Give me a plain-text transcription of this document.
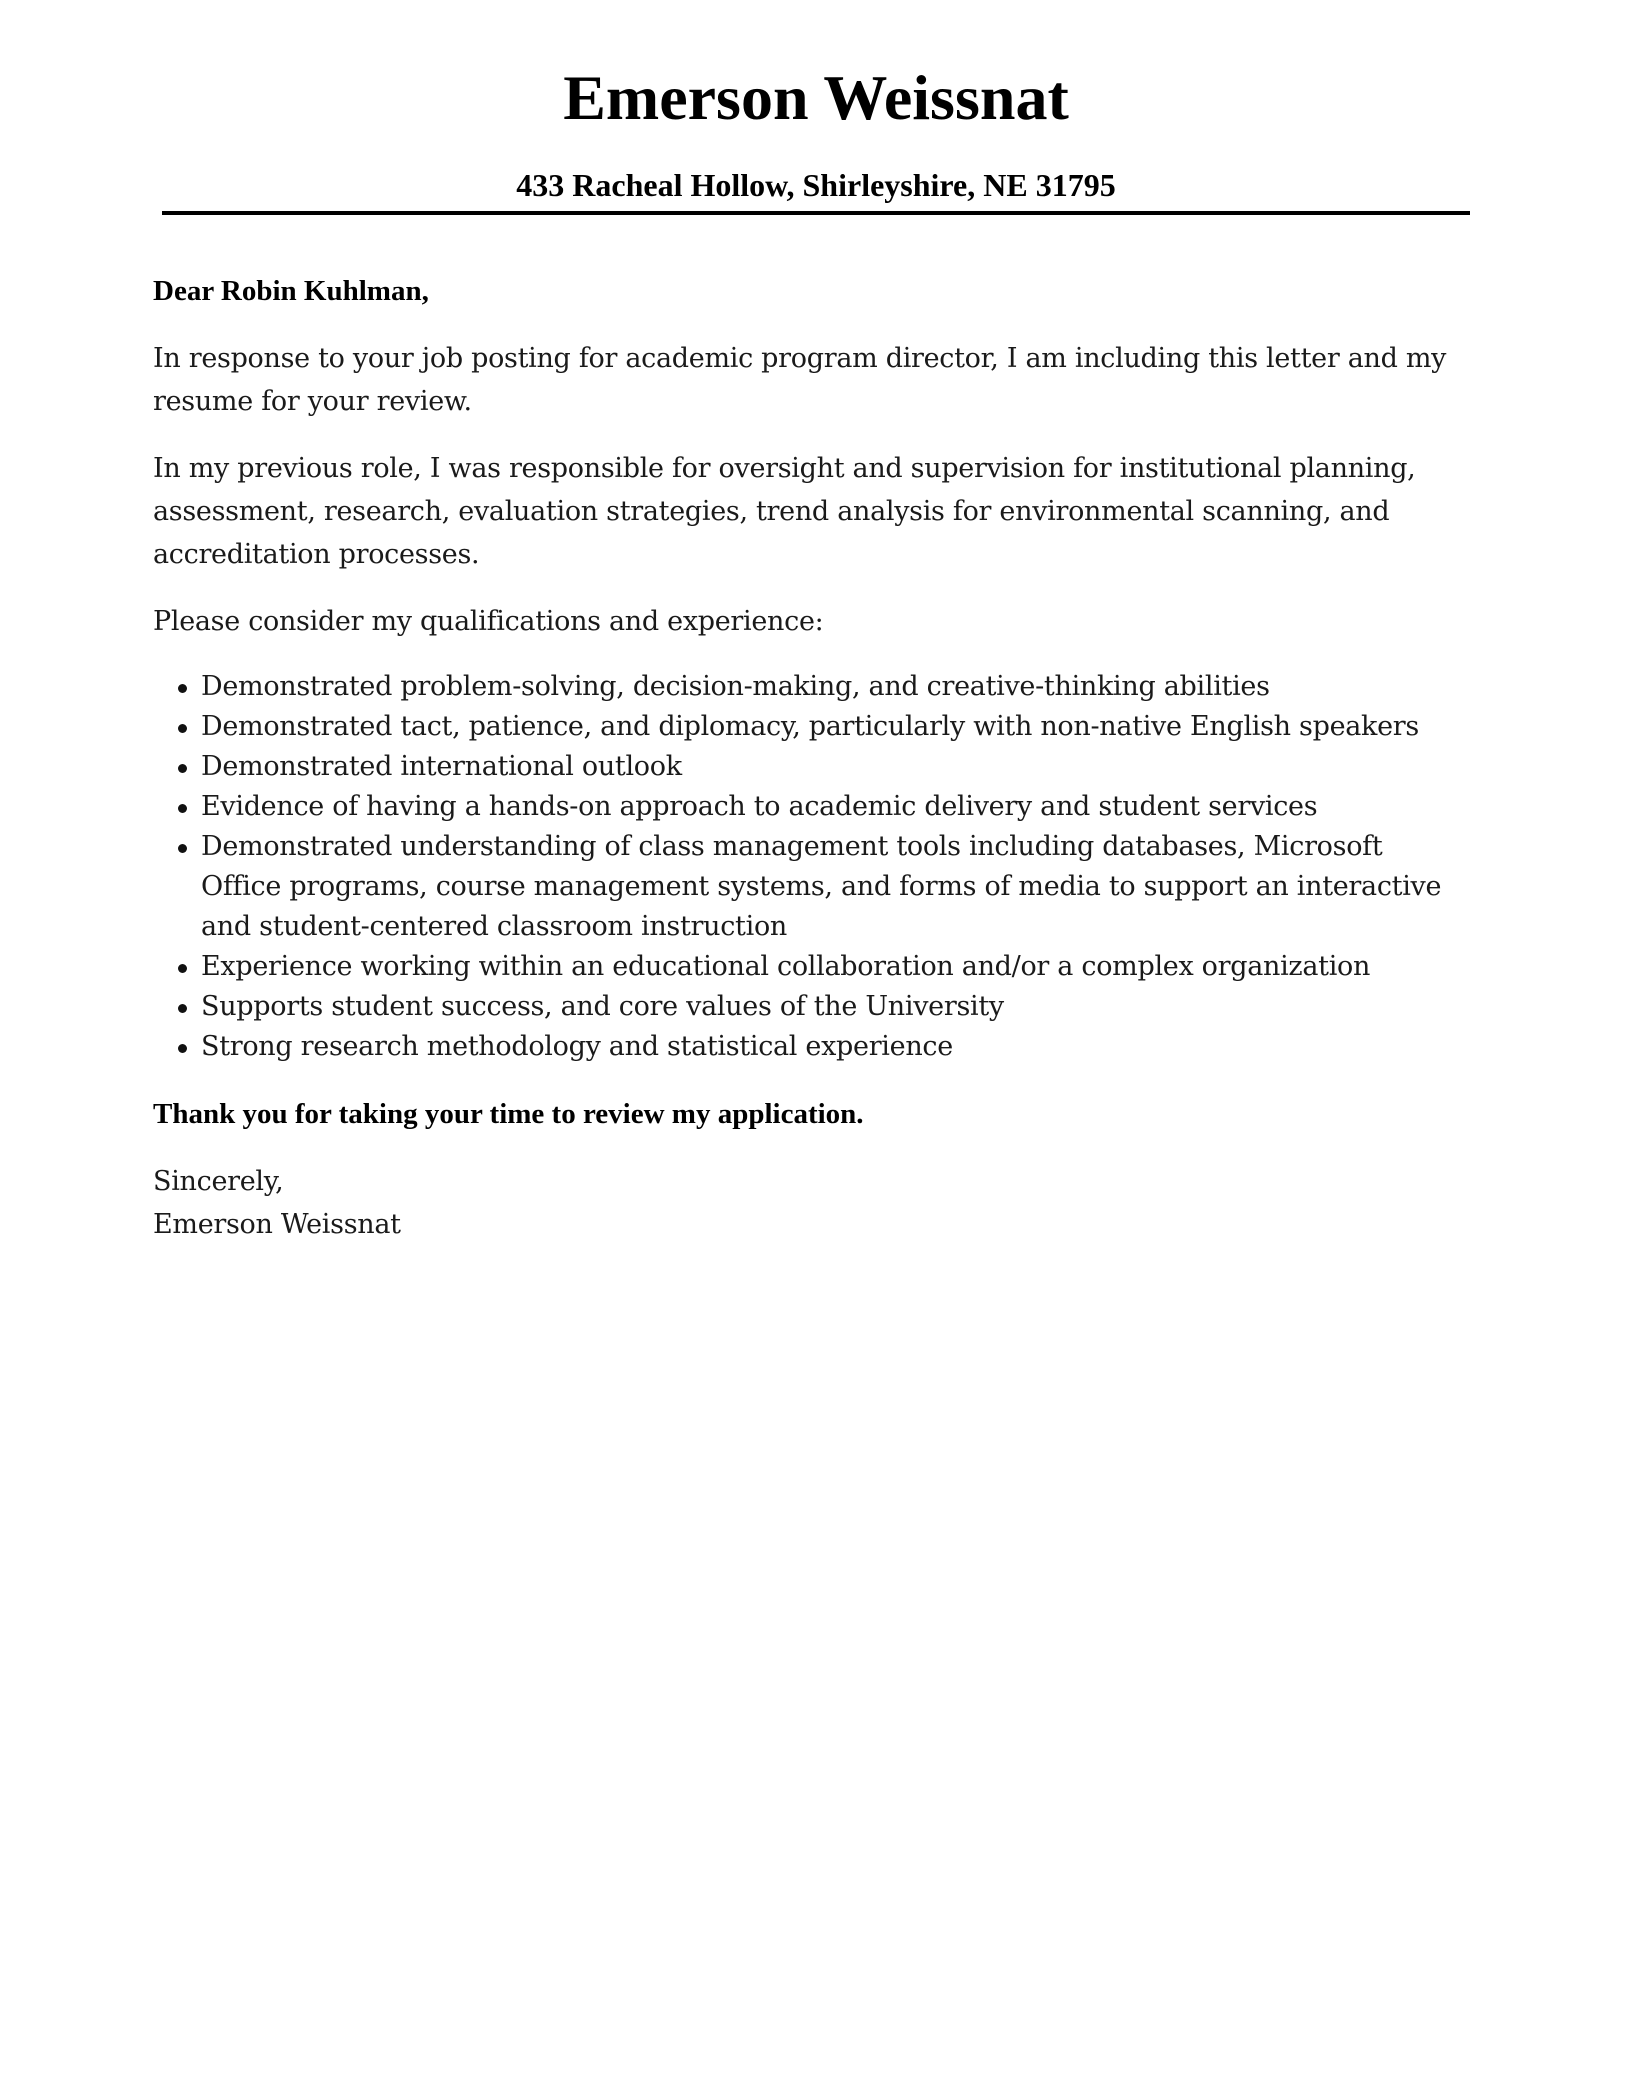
Emerson Weissnat
433 Racheal Hollow, Shirleyshire, NE 31795

Dear Robin Kuhlman,

In response to your job posting for academic program director, I am including this letter and my resume for your review.

In my previous role, I was responsible for oversight and supervision for institutional planning, assessment, research, evaluation strategies, trend analysis for environmental scanning, and accreditation processes.

Please consider my qualifications and experience:

Demonstrated problem-solving, decision-making, and creative-thinking abilities
Demonstrated tact, patience, and diplomacy, particularly with non-native English speakers
Demonstrated international outlook
Evidence of having a hands-on approach to academic delivery and student services
Demonstrated understanding of class management tools including databases, Microsoft Office programs, course management systems, and forms of media to support an interactive and student-centered classroom instruction
Experience working within an educational collaboration and/or a complex organization
Supports student success, and core values of the University
Strong research methodology and statistical experience

Thank you for taking your time to review my application.

Sincerely,

Emerson Weissnat
